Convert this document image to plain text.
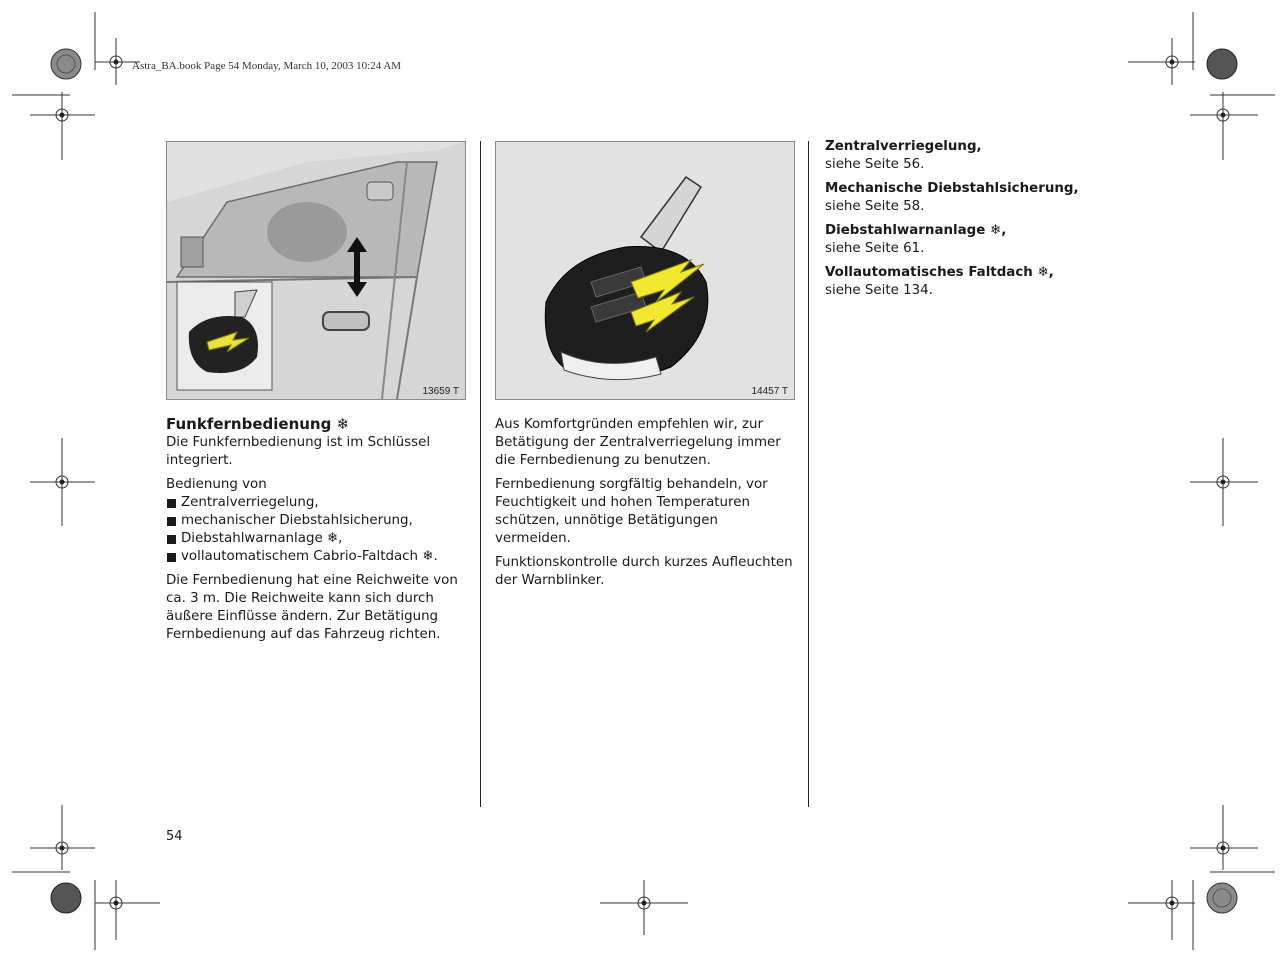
Astra_BA.book Page 54 Monday, March 10, 2003 10:24 AM
13659 T	14457 T
Funkfernbedienung ❄

Die Funkfernbedienung ist im Schlüssel integriert.

Bedienung von

Zentralverriegelung,
mechanischer Diebstahlsicherung,
Diebstahlwarnanlage ❄,
vollautomatischem Cabrio-Faltdach ❄.

Die Fernbedienung hat eine Reichweite von ca. 3 m. Die Reichweite kann sich durch äußere Einflüsse ändern. Zur Betätigung Fernbedienung auf das Fahrzeug richten.

Aus Komfortgründen empfehlen wir, zur Betätigung der Zentralverriegelung immer die Fernbedienung zu benutzen.

Fernbedienung sorgfältig behandeln, vor Feuchtigkeit und hohen Temperaturen schützen, unnötige Betätigungen vermeiden.

Funktionskontrolle durch kurzes Aufleuchten der Warnblinker.

Zentralverriegelung,
siehe Seite 56.
Mechanische Diebstahlsicherung,
siehe Seite 58.
Diebstahlwarnanlage ❄,
siehe Seite 61.
Vollautomatisches Faltdach ❄,
siehe Seite 134.
54
